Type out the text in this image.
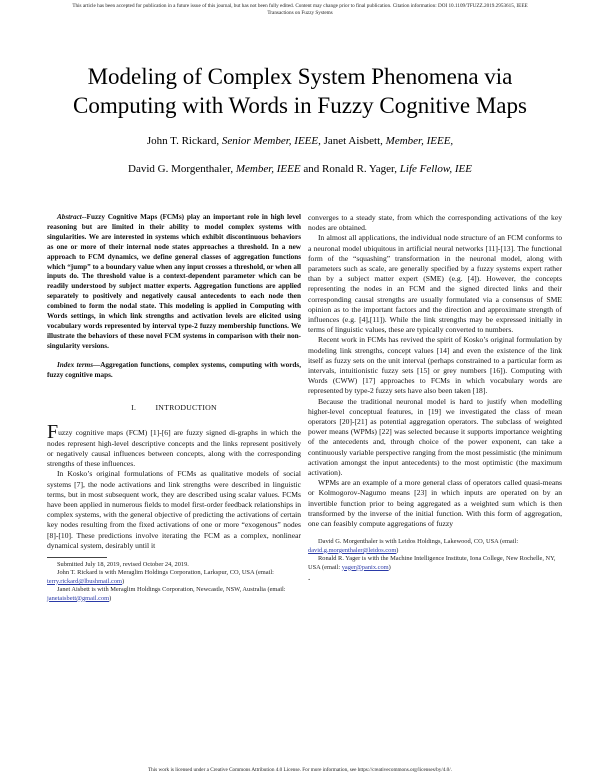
This article has been accepted for publication in a future issue of this journal, but has not been fully edited. Content may change prior to final publication. Citation information: DOI 10.1109/TFUZZ.2019.2953615, IEEE
Transactions on Fuzzy Systems
Modeling of Complex System Phenomena via
Computing with Words in Fuzzy Cognitive Maps
John T. Rickard, Senior Member, IEEE, Janet Aisbett, Member, IEEE,
David G. Morgenthaler, Member, IEEE and Ronald R. Yager, Life Fellow, IEE

Abstract--Fuzzy Cognitive Maps (FCMs) play an important role in high level reasoning but are limited in their ability to model complex systems with singularities. We are interested in systems which exhibit discontinuous behaviors as one or more of their internal node states approaches a threshold. In a new approach to FCM dynamics, we define general classes of aggregation functions which “jump” to a boundary value when any input crosses a threshold, or when all inputs do. The threshold value is a context-dependent parameter which can be readily understood by subject matter experts. Aggregation functions are applied separately to positively and negatively causal antecedents to each node then combined to form the nodal state. This modeling is applied in Computing with Words settings, in which link strengths and activation levels are elicited using vocabulary words represented by interval type-2 fuzzy membership functions. We illustrate the behaviors of these novel FCM systems in comparison with their non-singularity versions.

Index terms—Aggregation functions, complex systems, computing with words, fuzzy cognitive maps.

I.         INTRODUCTION

Fuzzy cognitive maps (FCM) [1]-[6] are fuzzy signed di-graphs in which the nodes represent high-level descriptive concepts and the links represent positively or negatively causal influences between concepts, along with the corresponding strengths of these influences.

In Kosko’s original formulations of FCMs as qualitative models of social systems [7], the node activations and link strengths were described in linguistic terms, but in most subsequent work, they are described using scalar values. FCMs have been applied in numerous fields to model first-order feedback relationships in complex systems, with the general objective of predicting the activations of certain key nodes resulting from the fixed activations of one or more “exogenous” nodes [8]-[10]. These predictions involve iterating the FCM as a complex, nonlinear dynamical system, desirably until it

Submitted July 18, 2019, revised October 24, 2019.
John T. Rickard is with Meraglim Holdings Corporation, Larkspur, CO, USA (email: terry.rickard@lbushmail.com)
Janet Aisbett is with Meraglim Holdings Corporation, Newcastle, NSW, Australia (email: janetaisbett@gmail.com)

converges to a steady state, from which the corresponding activations of the key nodes are obtained.

In almost all applications, the individual node structure of an FCM conforms to a neuronal model ubiquitous in artificial neural networks [11]-[13]. The functional form of the “squashing” transformation in the neuronal model, along with parameters such as scale, are generally specified by a fuzzy systems expert rather than by a subject matter expert (SME) (e.g. [4]). However, the concepts representing the nodes in an FCM and the signed directed links and their corresponding causal strengths are usually formulated via a consensus of SME opinion as to the important factors and the direction and approximate strength of influences (e.g. [4],[11]). While the link strengths may be expressed initially in terms of linguistic values, these are typically converted to numbers.

Recent work in FCMs has revived the spirit of Kosko’s original formulation by modeling link strengths, concept values [14] and even the existence of the link itself as fuzzy sets on the unit interval (perhaps constrained to a particular form as intervals, intuitionistic fuzzy sets [15] or grey numbers [16]). Computing with Words (CWW) [17] approaches to FCMs in which vocabulary words are represented by type-2 fuzzy sets have also been taken [18].

Because the traditional neuronal model is hard to justify when modelling higher-level conceptual features, in [19] we investigated the class of mean operators [20]-[21] as potential aggregation operators. The subclass of weighted power means (WPMs) [22] was selected because it supports importance weighting of the antecedents and, through choice of the power exponent, can take a continuously variable perspective ranging from the most pessimistic (the minimum activation amongst the input antecedents) to the most optimistic (the maximum activation).

WPMs are an example of a more general class of operators called quasi-means or Kolmogorov-Nagumo means [23] in which inputs are operated on by an invertible function prior to being aggregated as a weighted sum which is then transformed by the inverse of the initial function. With this form of aggregation, one can feasibly compute aggregations of fuzzy

David G. Morgenthaler is with Leidos Holdings, Lakewood, CO, USA (email: david.g.morgenthaler@leidos.com)
Ronald R. Yager is with the Machine Intelligence Institute, Iona College, New Rochelle, NY, USA (email: yager@panix.com)
.
This work is licensed under a Creative Commons Attribution 4.0 License. For more information, see https://creativecommons.org/licenses/by/4.0/.
